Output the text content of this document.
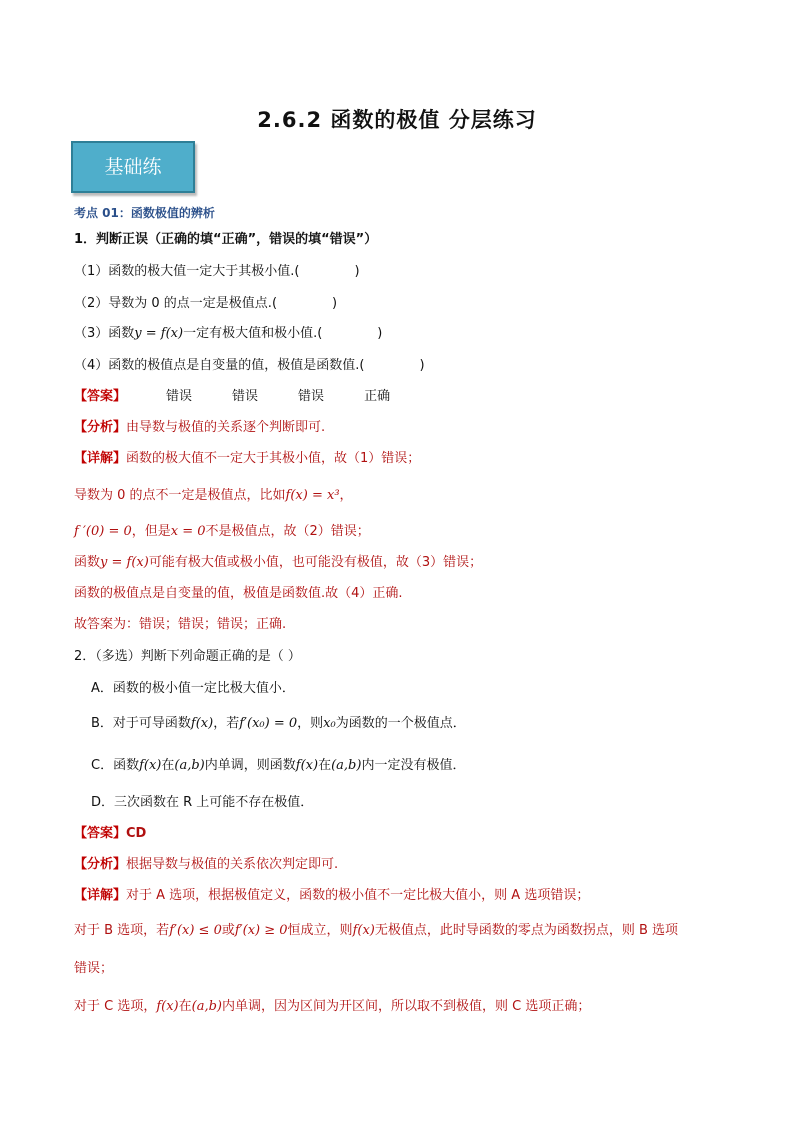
2.6.2 函数的极值 分层练习
基础练
考点 01：函数极值的辨析
1．判断正误（正确的填“正确”，错误的填“错误”）
（1）函数的极大值一定大于其极小值.(	)
（2）导数为 0 的点一定是极值点.(	)
（3）函数y = f(x)一定有极大值和极小值.(	)
（4）函数的极值点是自变量的值，极值是函数值.(	)
【答案】	错误	错误	错误	正确
【分析】由导数与极值的关系逐个判断即可.
【详解】函数的极大值不一定大于其极小值，故（1）错误；
导数为 0 的点不一定是极值点，比如f(x) = x³，
f ′(0) = 0，但是x = 0不是极值点，故（2）错误；
函数y = f(x)可能有极大值或极小值，也可能没有极值，故（3）错误；
函数的极值点是自变量的值，极值是函数值.故（4）正确.
故答案为：错误；错误；错误；正确.
2．（多选）判断下列命题正确的是（ ）
A．函数的极小值一定比极大值小．
B．对于可导函数f(x)，若f′(x₀) = 0，则x₀为函数的一个极值点．
C．函数f(x)在(a,b)内单调，则函数f(x)在(a,b)内一定没有极值．
D．三次函数在 R 上可能不存在极值．
【答案】CD
【分析】根据导数与极值的关系依次判定即可.
【详解】对于 A 选项，根据极值定义，函数的极小值不一定比极大值小，则 A 选项错误；
对于 B 选项，若f′(x) ≤ 0或f′(x) ≥ 0恒成立，则f(x)无极值点，此时导函数的零点为函数拐点，则 B 选项
错误；
对于 C 选项，f(x)在(a,b)内单调，因为区间为开区间，所以取不到极值，则 C 选项正确；
